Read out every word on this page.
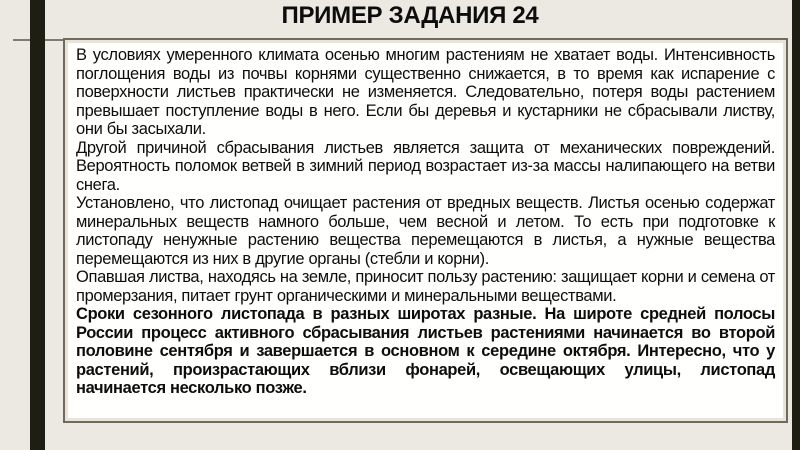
ПРИМЕР ЗАДАНИЯ 24

В условиях умеренного климата осенью многим растениям не хватает воды. Интенсивность поглощения воды из почвы корнями существенно снижается, в то время как испарение с поверхности листьев практически не изменяется. Следовательно, потеря воды растением превышает поступление воды в него. Если бы деревья и кустарники не сбрасывали листву, они бы засыхали.

Другой причиной сбрасывания листьев является защита от механических повреждений. Вероятность поломок ветвей в зимний период возрастает из-за массы налипающего на ветви снега.

Установлено, что листопад очищает растения от вредных веществ. Листья осенью содержат минеральных веществ намного больше, чем весной и летом. То есть при подготовке к листопаду ненужные растению вещества перемещаются в листья, а нужные вещества перемещаются из них в другие органы (стебли и корни).

Опавшая листва, находясь на земле, приносит пользу растению: защищает корни и семена от промерзания, питает грунт органическими и минеральными веществами.

Сроки сезонного листопада в разных широтах разные. На широте средней полосы России процесс активного сбрасывания листьев растениями начинается во второй половине сентября и завершается в основном к середине октября. Интересно, что у растений, произрастающих вблизи фонарей, освещающих улицы, листопад начинается несколько позже.
